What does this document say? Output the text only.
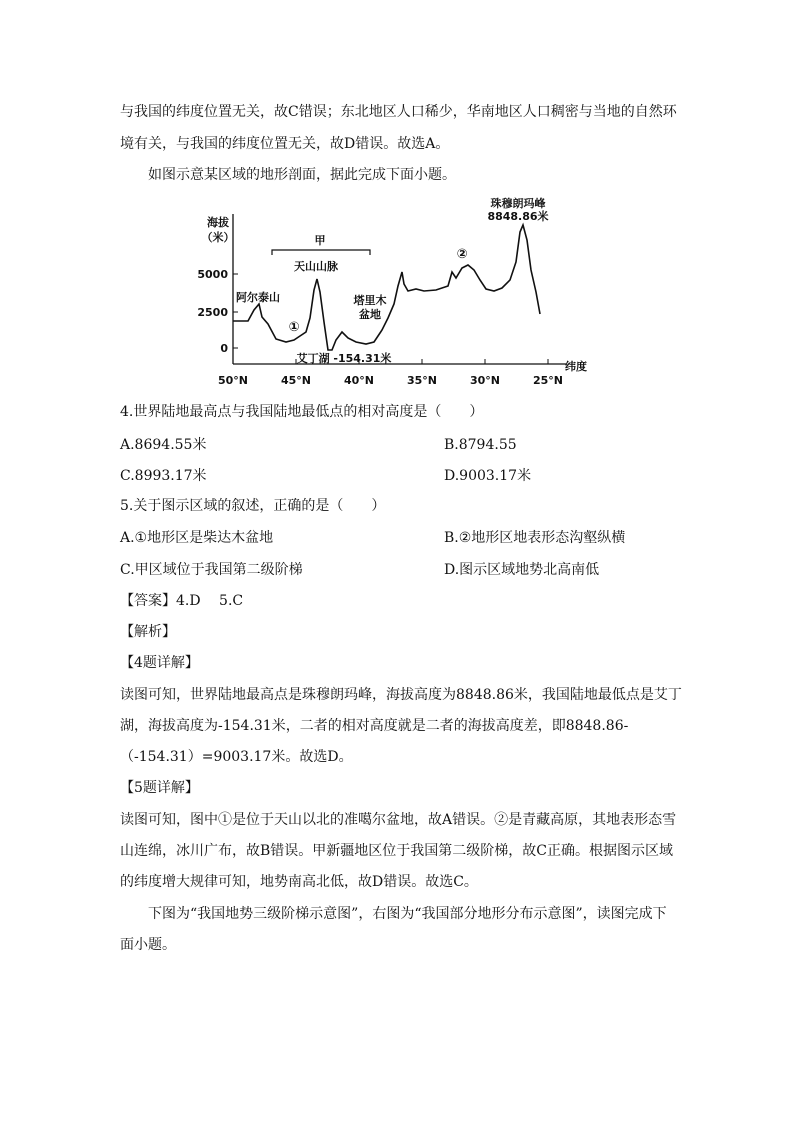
与我国的纬度位置无关，故C错误；东北地区人口稀少，华南地区人口稠密与当地的自然环
境有关，与我国的纬度位置无关，故D错误。故选A。
如图示意某区域的地形剖面，据此完成下面小题。
海拔
（米）
5000
2500
0
50°N	45°N	40°N	35°N	30°N	25°N
纬度
甲
天山山脉
阿尔泰山
①
②
塔里木
盆地
艾丁湖 -154.31米
珠穆朗玛峰
8848.86米
4.世界陆地最高点与我国陆地最低点的相对高度是（　　）
A.8694.55米	B.8794.55
C.8993.17米	D.9003.17米
5.关于图示区域的叙述，正确的是（　　）
A.①地形区是柴达木盆地	B.②地形区地表形态沟壑纵横
C.甲区域位于我国第二级阶梯	D.图示区域地势北高南低
【答案】4.D　 5.C
【解析】
【4题详解】
读图可知，世界陆地最高点是珠穆朗玛峰，海拔高度为8848.86米，我国陆地最低点是艾丁
湖，海拔高度为-154.31米，二者的相对高度就是二者的海拔高度差，即8848.86-
（-154.31）=9003.17米。故选D。
【5题详解】
读图可知，图中①是位于天山以北的准噶尔盆地，故A错误。②是青藏高原，其地表形态雪
山连绵，冰川广布，故B错误。甲新疆地区位于我国第二级阶梯，故C正确。根据图示区域
的纬度增大规律可知，地势南高北低，故D错误。故选C。
下图为“我国地势三级阶梯示意图”，右图为“我国部分地形分布示意图”，读图完成下
面小题。
